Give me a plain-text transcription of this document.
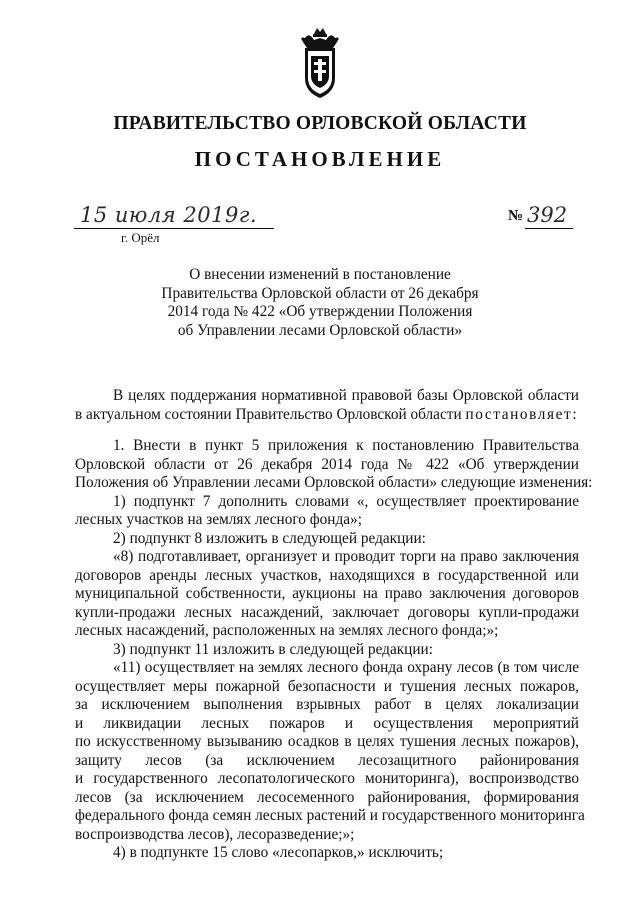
ПРАВИТЕЛЬСТВО ОРЛОВСКОЙ ОБЛАСТИ
ПОСТАНОВЛЕНИЕ
15 июля 2019г.	№ 392
г. Орёл
О внесении изменений в постановление
Правительства Орловской области от 26 декабря
2014 года № 422 «Об утверждении Положения
об Управлении лесами Орловской области»
В целях поддержания нормативной правовой базы Орловской области
в актуальном состоянии Правительство Орловской области постановляет:
1. Внести в пункт 5 приложения к постановлению Правительства
Орловской области от 26 декабря 2014 года № 422 «Об утверждении
Положения об Управлении лесами Орловской области» следующие изменения:
1) подпункт 7 дополнить словами «, осуществляет проектирование
лесных участков на землях лесного фонда»;
2) подпункт 8 изложить в следующей редакции:
«8) подготавливает, организует и проводит торги на право заключения
договоров аренды лесных участков, находящихся в государственной или
муниципальной собственности, аукционы на право заключения договоров
купли-продажи лесных насаждений, заключает договоры купли-продажи
лесных насаждений, расположенных на землях лесного фонда;»;
3) подпункт 11 изложить в следующей редакции:
«11) осуществляет на землях лесного фонда охрану лесов (в том числе
осуществляет меры пожарной безопасности и тушения лесных пожаров,
за исключением выполнения взрывных работ в целях локализации
и ликвидации лесных пожаров и осуществления мероприятий
по искусственному вызыванию осадков в целях тушения лесных пожаров),
защиту лесов (за исключением лесозащитного районирования
и государственного лесопатологического мониторинга), воспроизводство
лесов (за исключением лесосеменного районирования, формирования
федерального фонда семян лесных растений и государственного мониторинга
воспроизводства лесов), лесоразведение;»;
4) в подпункте 15 слово «лесопарков,» исключить;
